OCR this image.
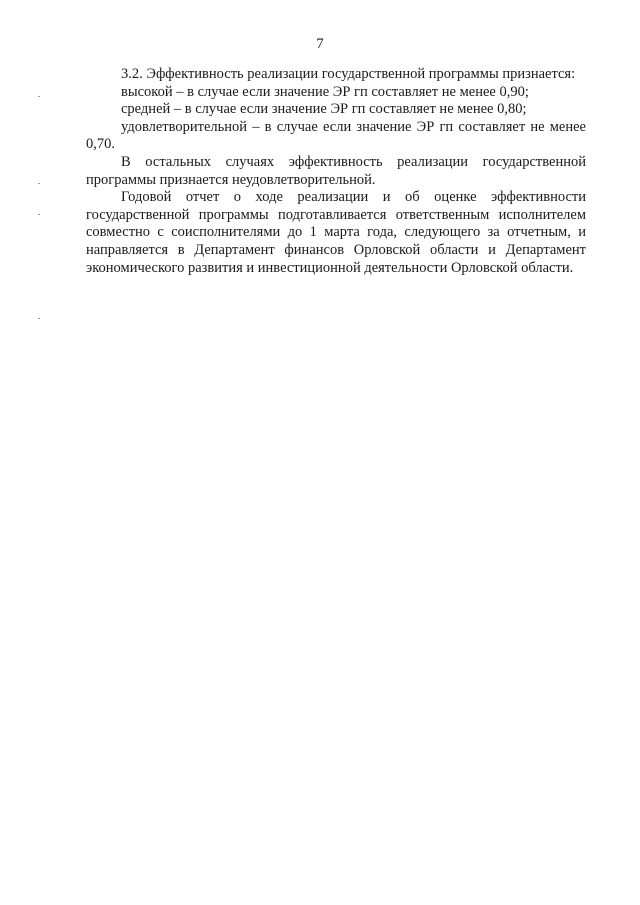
7

3.2. Эффективность реализации государственной программы признается:

высокой – в случае если значение ЭР гп составляет не менее 0,90;

средней – в случае если значение ЭР гп составляет не менее 0,80;

удовлетворительной – в случае если значение ЭР гп составляет не менее 0,70.

В остальных случаях эффективность реализации государственной программы признается неудовлетворительной.

Годовой отчет о ходе реализации и об оценке эффективности государственной программы подготавливается ответственным исполнителем совместно с соисполнителями до 1 марта года, следующего за отчетным, и направляется в Департамент финансов Орловской области и Департамент экономического развития и инвестиционной деятельности Орловской области.
